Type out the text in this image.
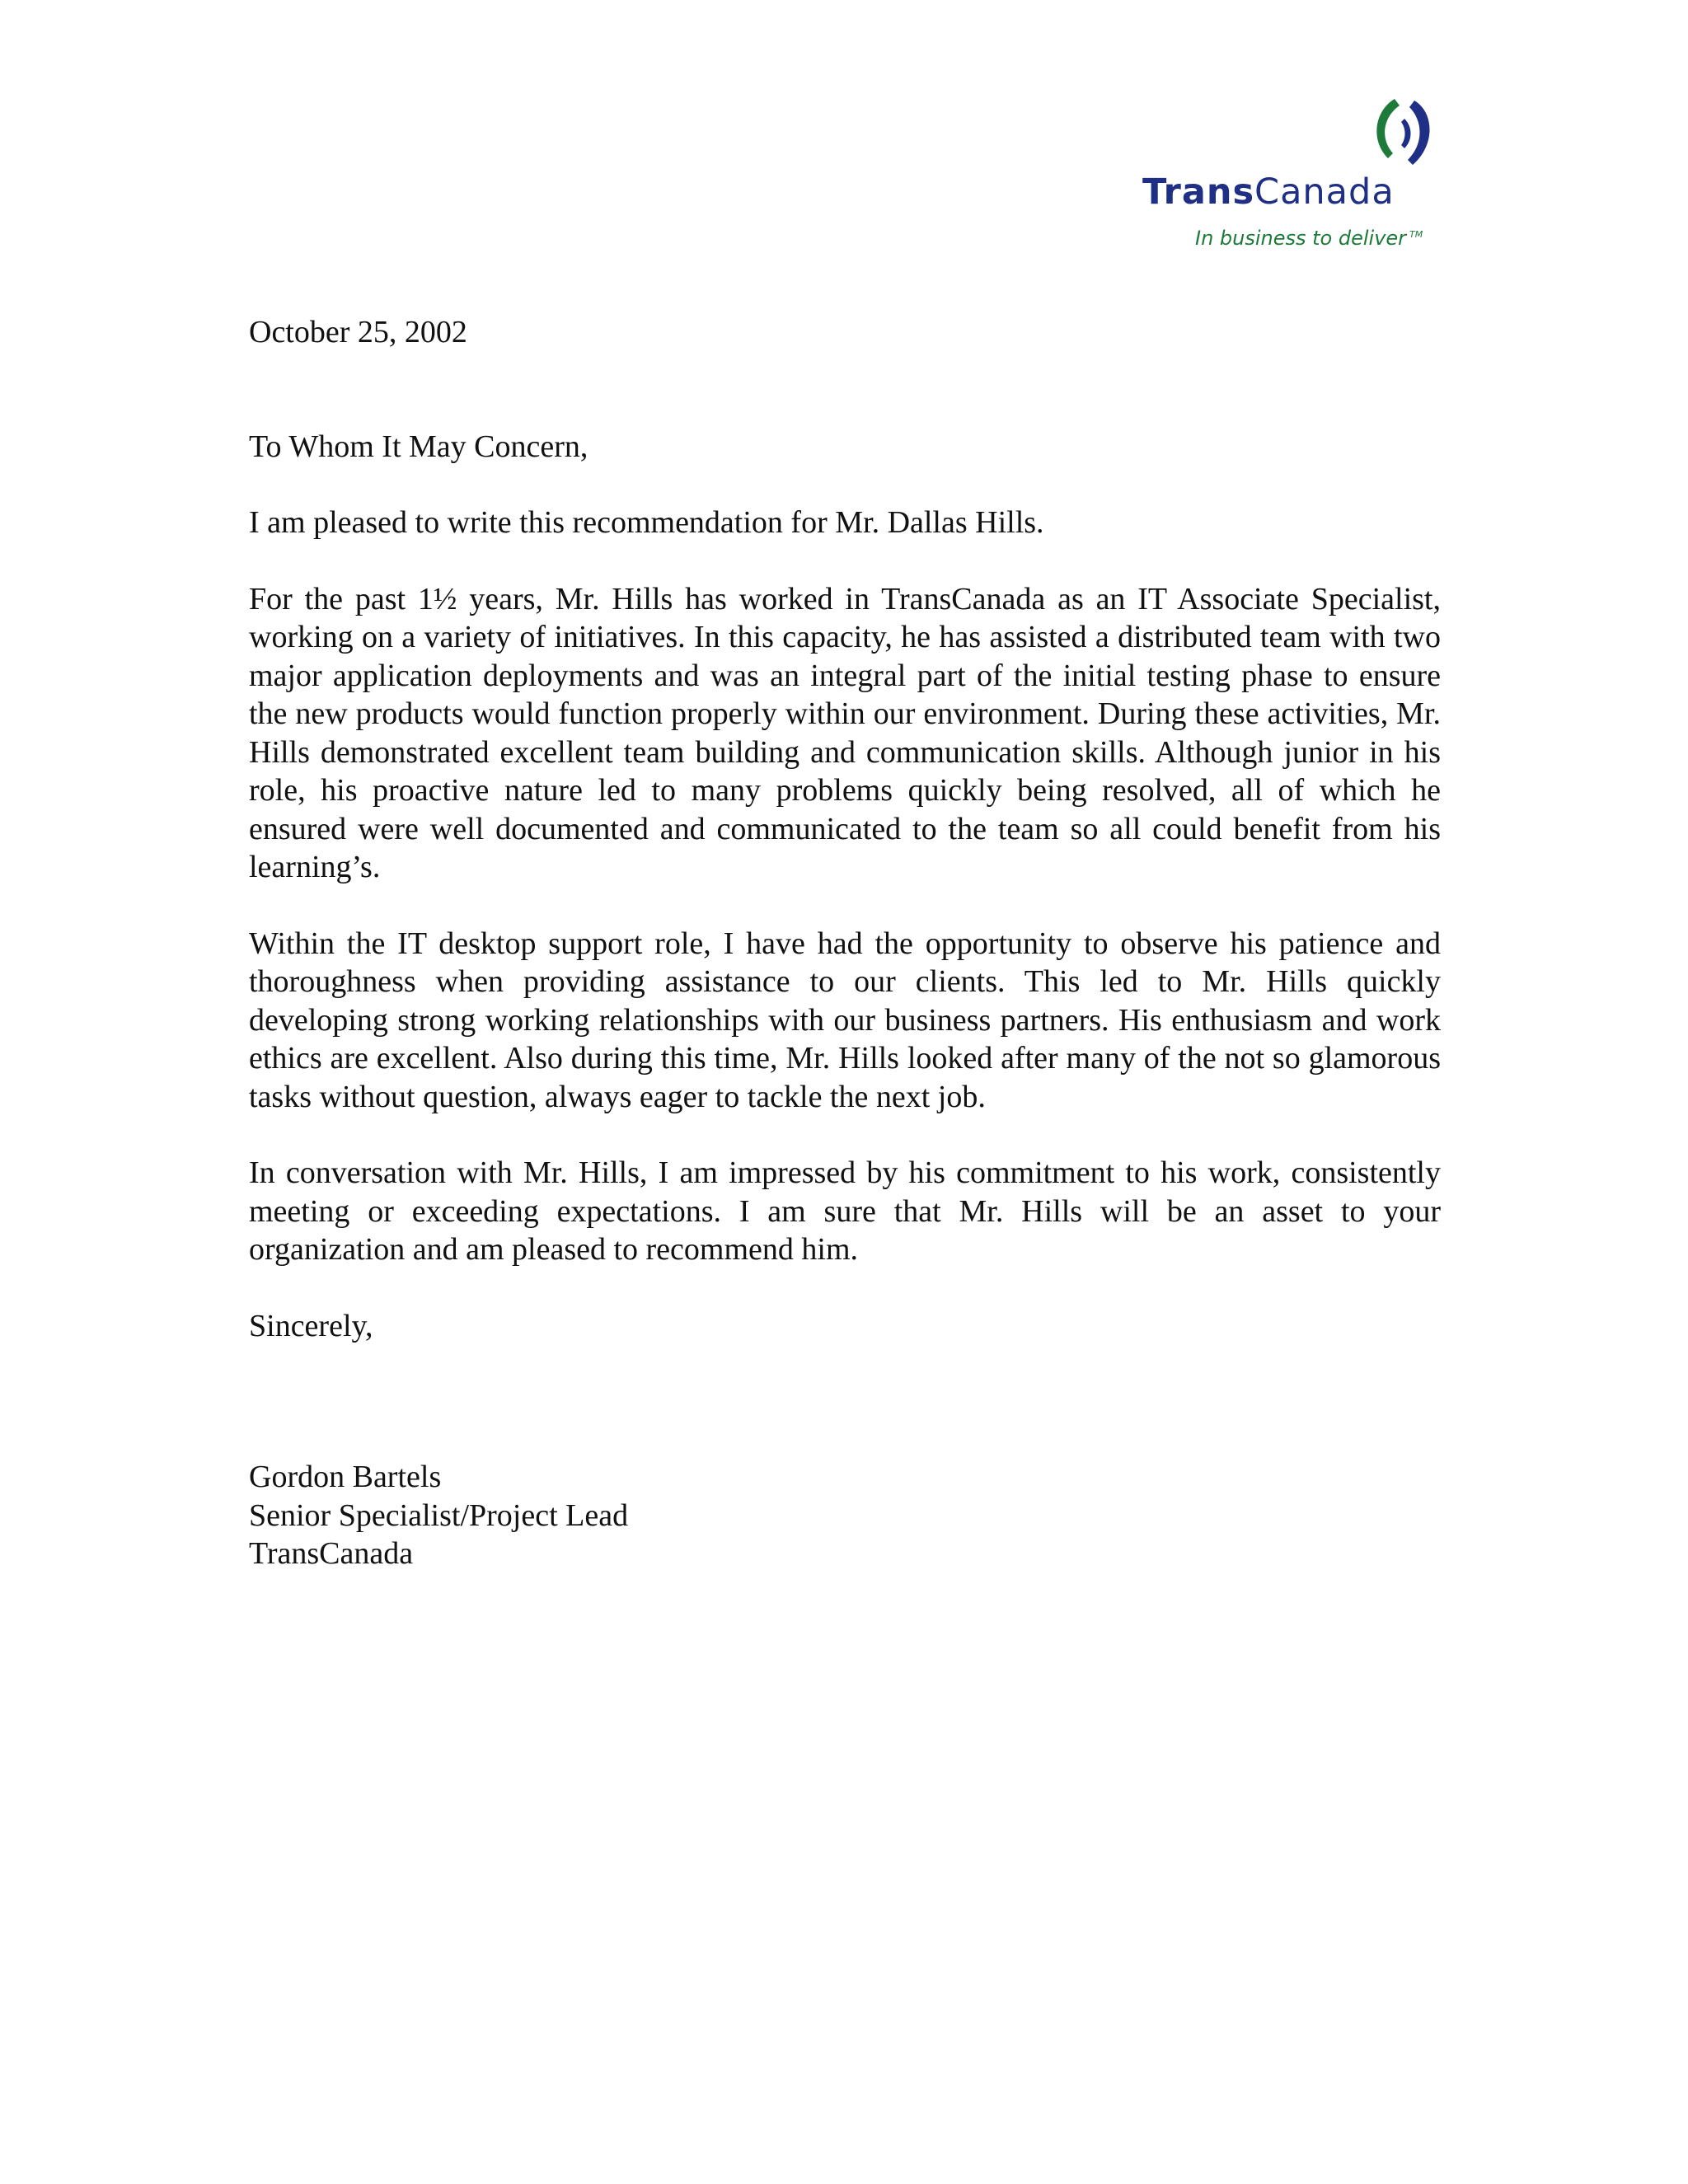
TransCanada
In business to deliver ™

October 25, 2002

To Whom It May Concern,

I am pleased to write this recommendation for Mr. Dallas Hills.

For the past 1½ years, Mr. Hills has worked in TransCanada as an IT Associate Specialist, working on a variety of initiatives. In this capacity, he has assisted a distributed team with two major application deployments and was an integral part of the initial testing phase to ensure the new products would function properly within our environment. During these activities, Mr. Hills demonstrated excellent team building and communication skills. Although junior in his role, his proactive nature led to many problems quickly being resolved, all of which he ensured were well documented and communicated to the team so all could benefit from his learning’s.

Within the IT desktop support role, I have had the opportunity to observe his patience and thoroughness when providing assistance to our clients. This led to Mr. Hills quickly developing strong working relationships with our business partners. His enthusiasm and work ethics are excellent. Also during this time, Mr. Hills looked after many of the not so glamorous tasks without question, always eager to tackle the next job.

In conversation with Mr. Hills, I am impressed by his commitment to his work, consistently meeting or exceeding expectations. I am sure that Mr. Hills will be an asset to your organization and am pleased to recommend him.

Sincerely,

Gordon Bartels

Senior Specialist/Project Lead

TransCanada
